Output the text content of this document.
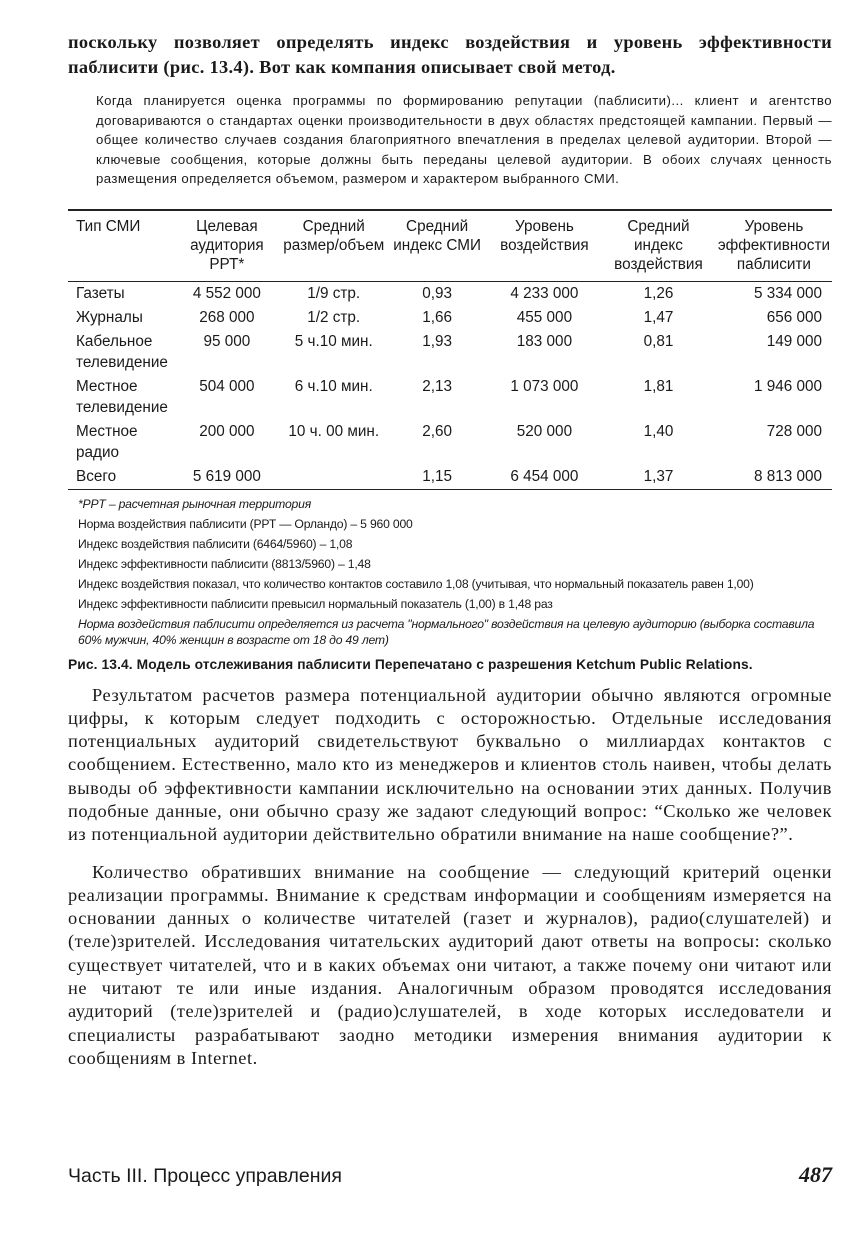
поскольку позволяет определять индекс воздействия и уровень эффективности паблисити (рис. 13.4). Вот как компания описывает свой метод.

Когда планируется оценка программы по формированию репутации (паблисити)... клиент и агентство договариваются о стандартах оценки производительности в двух областях предстоящей кампании. Первый — общее количество случаев создания благоприятного впечатления в пределах целевой аудитории. Второй — ключевые сообщения, которые должны быть переданы целевой аудитории. В обоих случаях ценность размещения определяется объемом, размером и характером выбранного СМИ.

Тип СМИ	Целевая аудитория РРТ*	Средний размер/объем	Средний индекс СМИ	Уровень воздействия	Средний индекс воздействия	Уровень эффективности паблисити
Газеты	4 552 000	1/9 стр.	0,93	4 233 000	1,26	5 334 000
Журналы	268 000	1/2 стр.	1,66	455 000	1,47	656 000
Кабельное телевидение	95 000	5 ч.10 мин.	1,93	183 000	0,81	149 000
Местное телевидение	504 000	6 ч.10 мин.	2,13	1 073 000	1,81	1 946 000
Местное радио	200 000	10 ч. 00 мин.	2,60	520 000	1,40	728 000
Всего	5 619 000		1,15	6 454 000	1,37	8 813 000
*PPT – расчетная рыночная территория
Норма воздействия паблисити (РРТ — Орландо) – 5 960 000
Индекс воздействия паблисити (6464/5960) – 1,08
Индекс эффективности паблисити (8813/5960) – 1,48
Индекс воздействия показал, что количество контактов составило 1,08 (учитывая, что нормальный показатель равен 1,00)
Индекс эффективности паблисити превысил нормальный показатель (1,00) в 1,48 раз
Норма воздействия паблисити определяется из расчета "нормального" воздействия на целевую аудиторию (выборка составила 60% мужчин, 40% женщин в возрасте от 18 до 49 лет)
Рис. 13.4. Модель отслеживания паблисити Перепечатано с разрешения Ketchum Public Relations.

Результатом расчетов размера потенциальной аудитории обычно являются огромные цифры, к которым следует подходить с осторожностью. Отдельные исследования потенциальных аудиторий свидетельствуют буквально о миллиардах контактов с сообщением. Естественно, мало кто из менеджеров и клиентов столь наивен, чтобы делать выводы об эффективности кампании исключительно на основании этих данных. Получив подобные данные, они обычно сразу же задают следующий вопрос: “Сколько же человек из потенциальной аудитории действительно обратили внимание на наше сообщение?”.

Количество обративших внимание на сообщение — следующий критерий оценки реализации программы. Внимание к средствам информации и сообщениям измеряется на основании данных о количестве читателей (газет и журналов), радио(слушателей) и (теле)зрителей. Исследования читательских аудиторий дают ответы на вопросы: сколько существует читателей, что и в каких объемах они читают, а также почему они читают или не читают те или иные издания. Аналогичным образом проводятся исследования аудиторий (теле)зрителей и (радио)слушателей, в ходе которых исследователи и специалисты разрабатывают заодно методики измерения внимания аудитории к сообщениям в Internet.

Часть III. Процесс управления	487
